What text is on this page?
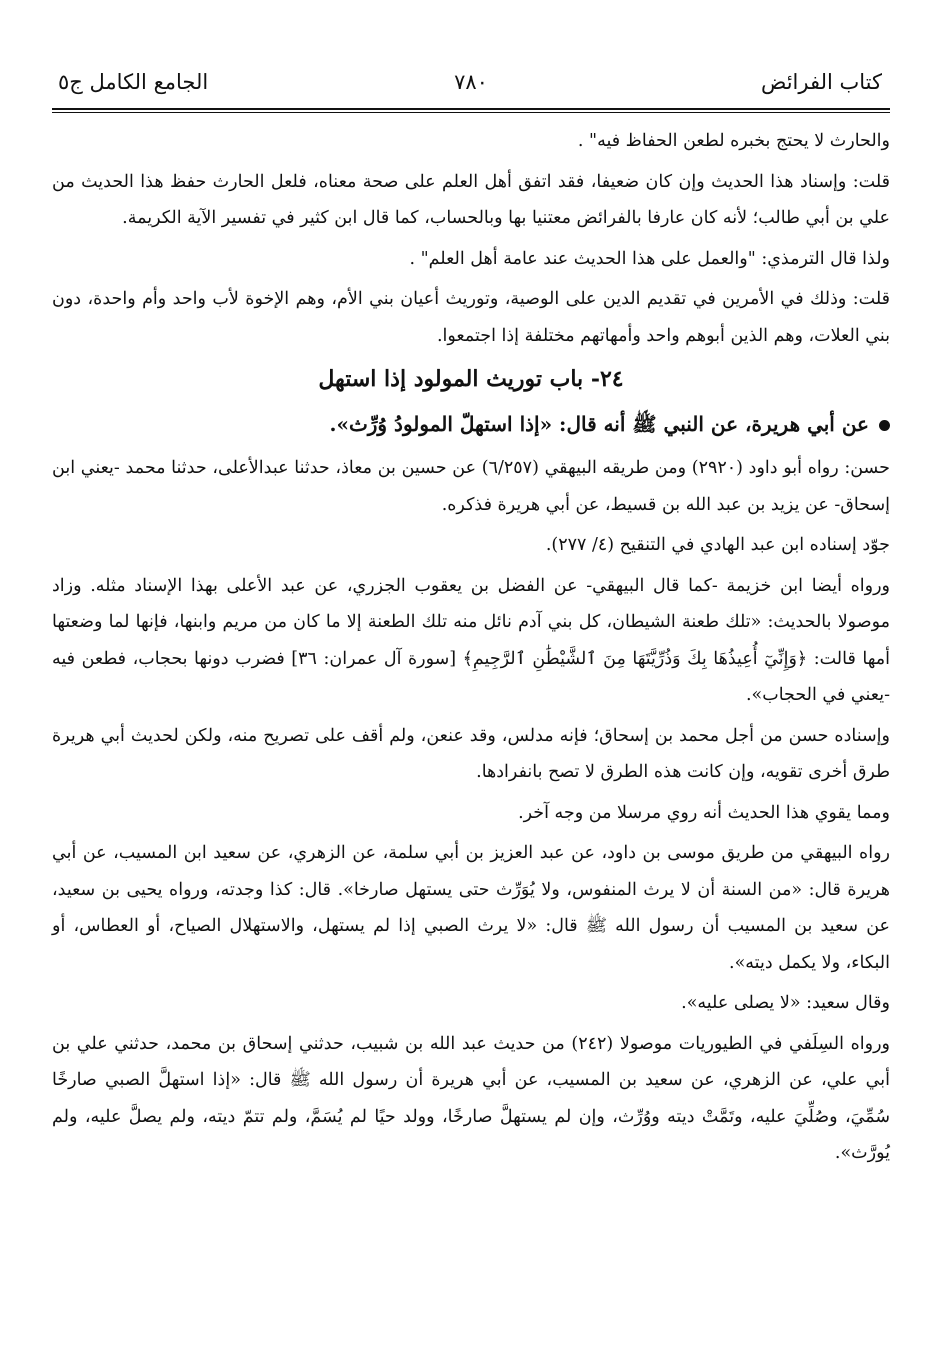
كتاب الفرائض
٧٨٠
الجامع الكامل ج٥

والحارث لا يحتج بخبره لطعن الحفاظ فيه" .

قلت: وإسناد هذا الحديث وإن كان ضعيفا، فقد اتفق أهل العلم على صحة معناه، فلعل الحارث حفظ هذا الحديث من علي بن أبي طالب؛ لأنه كان عارفا بالفرائض معتنيا بها وبالحساب، كما قال ابن كثير في تفسير الآية الكريمة.

ولذا قال الترمذي: "والعمل على هذا الحديث عند عامة أهل العلم" .

قلت: وذلك في الأمرين في تقديم الدين على الوصية، وتوريث أعيان بني الأم، وهم الإخوة لأب واحد وأم واحدة، دون بني العلات، وهم الذين أبوهم واحد وأمهاتهم مختلفة إذا اجتمعوا.

٢٤- باب توريث المولود إذا استهل
عن أبي هريرة، عن النبي ﷺ أنه قال: «إذا استهلّ المولودُ وُرِّث».

حسن: رواه أبو داود (٢٩٢٠) ومن طريقه البيهقي (٦/٢٥٧) عن حسين بن معاذ، حدثنا عبدالأعلى، حدثنا محمد -يعني ابن إسحاق- عن يزيد بن عبد الله بن قسيط، عن أبي هريرة فذكره.

جوّد إسناده ابن عبد الهادي في التنقيح (٤/ ٢٧٧).

ورواه أيضا ابن خزيمة -كما قال البيهقي- عن الفضل بن يعقوب الجزري، عن عبد الأعلى بهذا الإسناد مثله. وزاد موصولا بالحديث: «تلك طعنة الشيطان، كل بني آدم نائل منه تلك الطعنة إلا ما كان من مريم وابنها، فإنها لما وضعتها أمها قالت: ﴿وَإِنِّيٓ أُعِيذُهَا بِكَ وَذُرِّيَّتَهَا مِنَ ٱلشَّيْطَٰنِ ٱلرَّجِيمِ﴾ [سورة آل عمران: ٣٦] فضرب دونها بحجاب، فطعن فيه -يعني في الحجاب».

وإسناده حسن من أجل محمد بن إسحاق؛ فإنه مدلس، وقد عنعن، ولم أقف على تصريح منه، ولكن لحديث أبي هريرة طرق أخرى تقويه، وإن كانت هذه الطرق لا تصح بانفرادها.

ومما يقوي هذا الحديث أنه روي مرسلا من وجه آخر.

رواه البيهقي من طريق موسى بن داود، عن عبد العزيز بن أبي سلمة، عن الزهري، عن سعيد ابن المسيب، عن أبي هريرة قال: «من السنة أن لا يرث المنفوس، ولا يُوَرِّث حتى يستهل صارخا». قال: كذا وجدته، ورواه يحيى بن سعيد، عن سعيد بن المسيب أن رسول الله ﷺ قال: «لا يرث الصبي إذا لم يستهل، والاستهلال الصياح، أو العطاس، أو البكاء، ولا يكمل ديته».

وقال سعيد: «لا يصلى عليه».

ورواه السِلَفي في الطيوريات موصولا (٢٤٢) من حديث عبد الله بن شبيب، حدثني إسحاق بن محمد، حدثني علي بن أبي علي، عن الزهري، عن سعيد بن المسيب، عن أبي هريرة أن رسول الله ﷺ قال: «إذا استهلَّ الصبي صارخًا سُمِّيَ، وصُلِّيَ عليه، وتَمَّتْ ديته ووُرِّث، وإن لم يستهلَّ صارخًا، وولد حيًا لم يُسَمَّ، ولم تتمّ ديته، ولم يصلَّ عليه، ولم يُورَّث».
